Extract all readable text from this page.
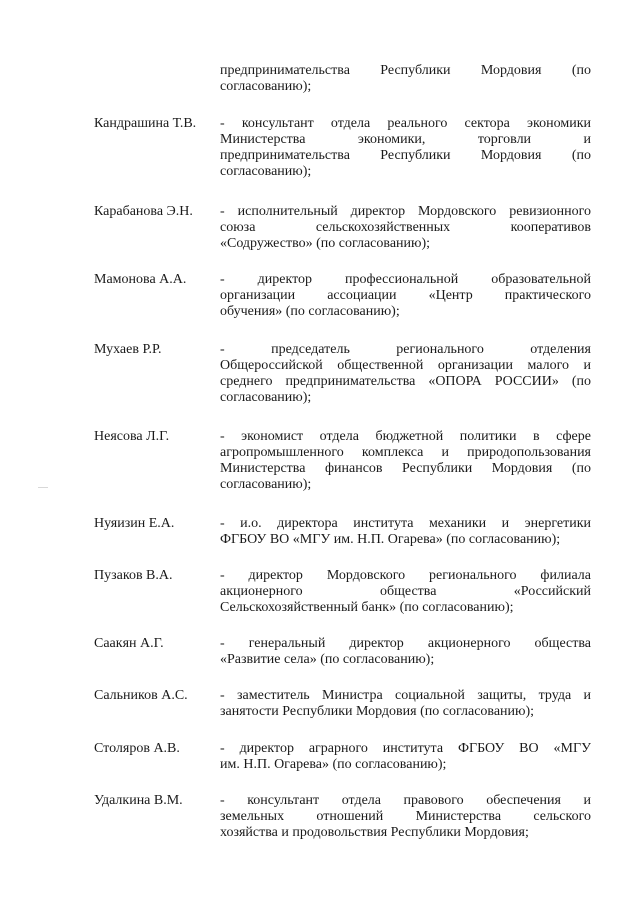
предпринимательства Республики Мордовия (по
согласованию);
Кандрашина Т.В. - консультант отдела реального сектора экономики
Министерства экономики, торговли и
предпринимательства Республики Мордовия (по
согласованию);
Карабанова Э.Н. - исполнительный директор Мордовского ревизионного
союза сельскохозяйственных кооперативов
«Содружество» (по согласованию);
Мамонова А.А. - директор профессиональной образовательной
организации ассоциации «Центр практического
обучения» (по согласованию);
Мухаев Р.Р.	- председатель регионального отделения
Общероссийской общественной организации малого и
среднего предпринимательства «ОПОРА РОССИИ» (по
согласованию);
Неясова Л.Г.	- экономист отдела бюджетной политики в сфере
агропромышленного комплекса и природопользования
Министерства финансов Республики Мордовия (по
согласованию);
Нуяизин Е.А.	- и.о. директора института механики и энергетики
ФГБОУ ВО «МГУ им. Н.П. Огарева» (по согласованию);
Пузаков В.А.	- директор Мордовского регионального филиала
акционерного общества «Российский
Сельскохозяйственный банк» (по согласованию);
Саакян А.Г.	- генеральный директор акционерного общества
«Развитие села» (по согласованию);
Сальников А.С. - заместитель Министра социальной защиты, труда и
занятости Республики Мордовия (по согласованию);
Столяров А.В.	- директор аграрного института ФГБОУ ВО «МГУ
им. Н.П. Огарева» (по согласованию);
Удалкина В.М.	- консультант отдела правового обеспечения и
земельных отношений Министерства сельского
хозяйства и продовольствия Республики Мордовия;
